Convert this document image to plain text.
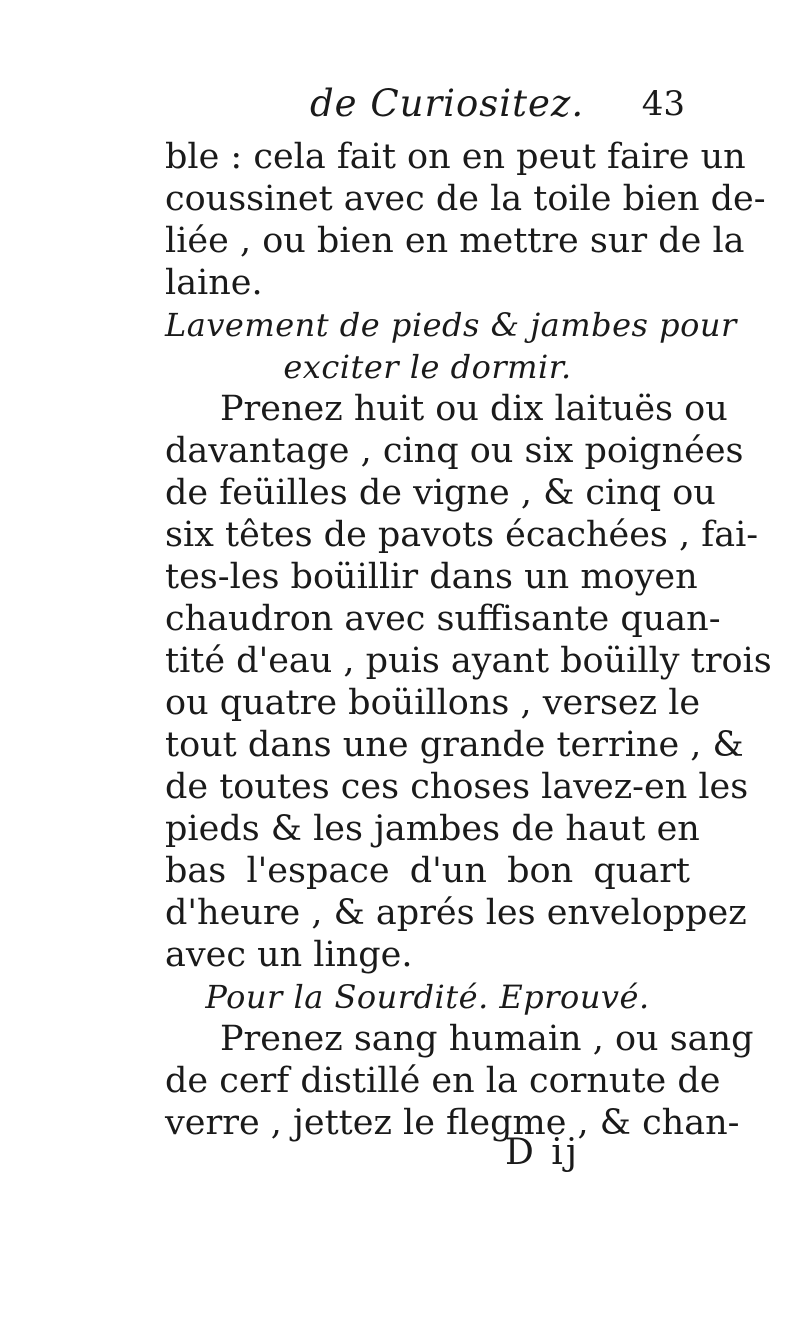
de Curiositez. 43
ble : cela fait on en peut faire un
coussinet avec de la toile bien de-
liée , ou bien en mettre sur de la
laine.
Lavement de pieds & jambes pour
exciter le dormir.
Prenez huit ou dix laituës ou
davantage , cinq ou six poignées
de feüilles de vigne , & cinq ou
six têtes de pavots écachées , fai-
tes-les boüillir dans un moyen
chaudron avec suffisante quan-
tité d'eau , puis ayant boüilly trois
ou quatre boüillons , versez le
tout dans une grande terrine , &
de toutes ces choses lavez-en les
pieds & les jambes de haut en
bas l'espace d'un bon quart
d'heure , & aprés les enveloppez
avec un linge.
Pour la Sourdité. Eprouvé.
Prenez sang humain , ou sang
de cerf distillé en la cornute de
verre , jettez le flegme , & chan-
D ij
